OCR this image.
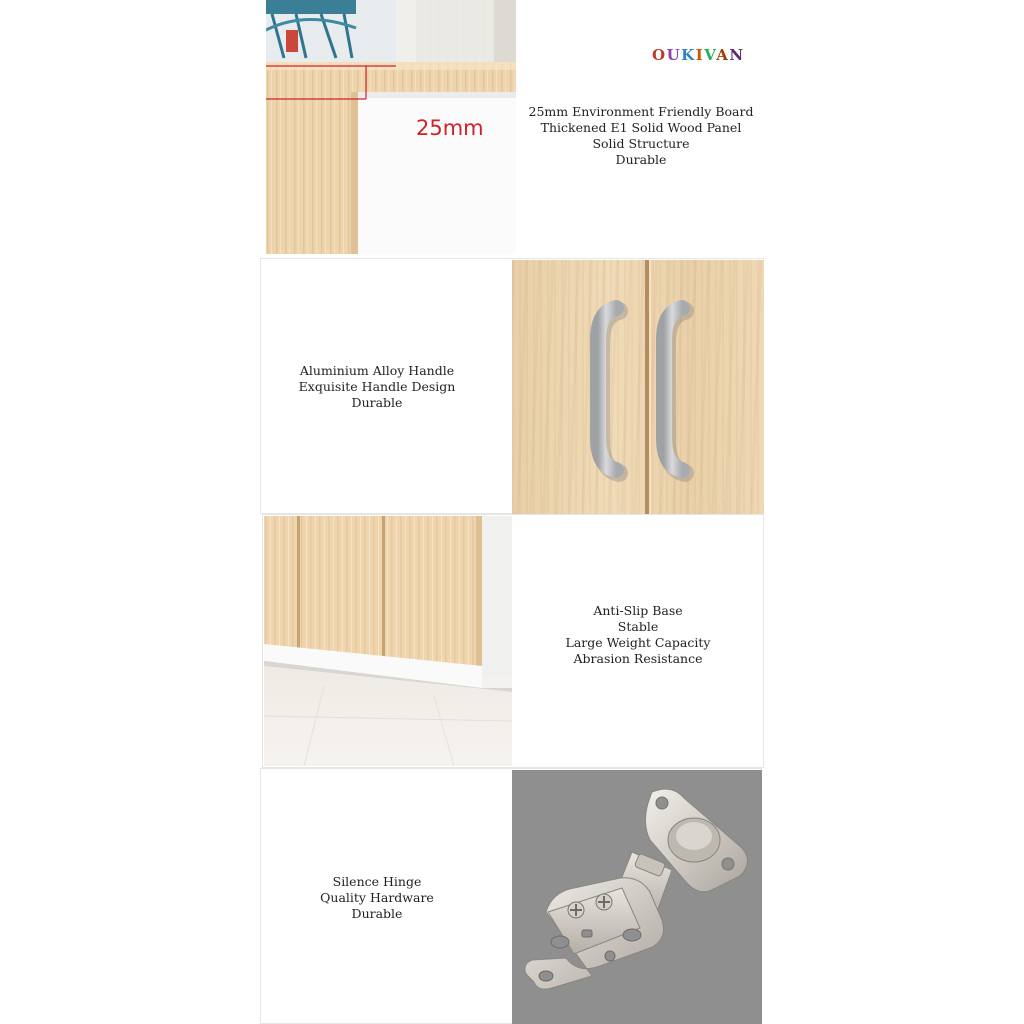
25mm
OUKIVAN
25mm Environment Friendly Board
Thickened E1 Solid Wood Panel
Solid Structure
Durable
Aluminium Alloy Handle
Exquisite Handle Design
Durable
Anti-Slip Base
Stable
Large Weight Capacity
Abrasion Resistance
Silence Hinge
Quality Hardware
Durable
